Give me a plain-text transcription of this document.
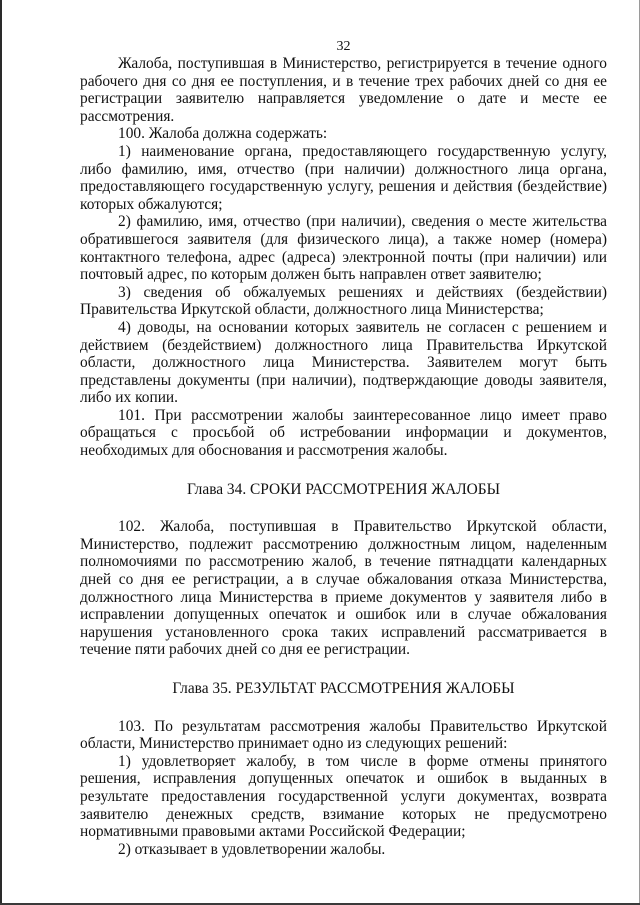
32

Жалоба, поступившая в Министерство, регистрируется в течение одного рабочего дня со дня ее поступления, и в течение трех рабочих дней со дня ее регистрации заявителю направляется уведомление о дате и месте ее рассмотрения.

100. Жалоба должна содержать:

1) наименование органа, предоставляющего государственную услугу, либо фамилию, имя, отчество (при наличии) должностного лица органа, предоставляющего государственную услугу, решения и действия (бездействие) которых обжалуются;

2) фамилию, имя, отчество (при наличии), сведения о месте жительства обратившегося заявителя (для физического лица), а также номер (номера) контактного телефона, адрес (адреса) электронной почты (при наличии) или почтовый адрес, по которым должен быть направлен ответ заявителю;

3) сведения об обжалуемых решениях и действиях (бездействии) Правительства Иркутской области, должностного лица Министерства;

4) доводы, на основании которых заявитель не согласен с решением и действием (бездействием) должностного лица Правительства Иркутской области, должностного лица Министерства. Заявителем могут быть представлены документы (при наличии), подтверждающие доводы заявителя, либо их копии.

101. При рассмотрении жалобы заинтересованное лицо имеет право обращаться с просьбой об истребовании информации и документов, необходимых для обоснования и рассмотрения жалобы.

Глава 34. СРОКИ РАССМОТРЕНИЯ ЖАЛОБЫ

102. Жалоба, поступившая в Правительство Иркутской области, Министерство, подлежит рассмотрению должностным лицом, наделенным полномочиями по рассмотрению жалоб, в течение пятнадцати календарных дней со дня ее регистрации, а в случае обжалования отказа Министерства, должностного лица Министерства в приеме документов у заявителя либо в исправлении допущенных опечаток и ошибок или в случае обжалования нарушения установленного срока таких исправлений рассматривается в течение пяти рабочих дней со дня ее регистрации.

Глава 35. РЕЗУЛЬТАТ РАССМОТРЕНИЯ ЖАЛОБЫ

103. По результатам рассмотрения жалобы Правительство Иркутской области, Министерство принимает одно из следующих решений:

1) удовлетворяет жалобу, в том числе в форме отмены принятого решения, исправления допущенных опечаток и ошибок в выданных в результате предоставления государственной услуги документах, возврата заявителю денежных средств, взимание которых не предусмотрено нормативными правовыми актами Российской Федерации;

2) отказывает в удовлетворении жалобы.
